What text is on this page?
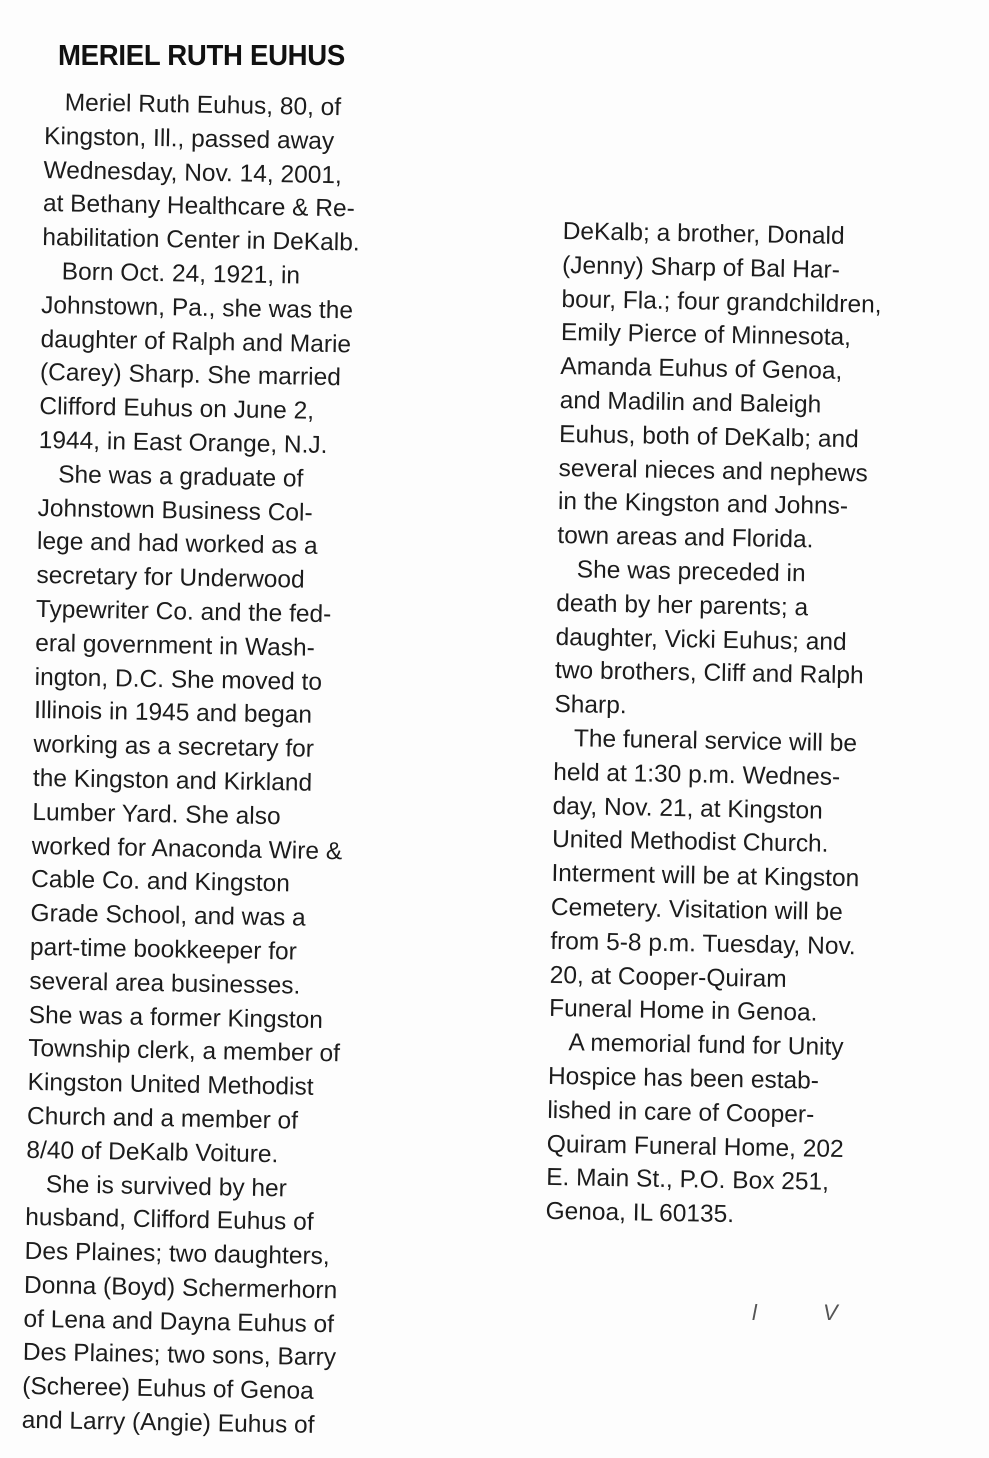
MERIEL RUTH EUHUS
Meriel Ruth Euhus, 80, of
Kingston, Ill., passed away
Wednesday, Nov. 14, 2001,
at Bethany Healthcare & Re-
habilitation Center in DeKalb.
Born Oct. 24, 1921, in
Johnstown, Pa., she was the
daughter of Ralph and Marie
(Carey) Sharp. She married
Clifford Euhus on June 2,
1944, in East Orange, N.J.
She was a graduate of
Johnstown Business Col-
lege and had worked as a
secretary for Underwood
Typewriter Co. and the fed-
eral government in Wash-
ington, D.C. She moved to
Illinois in 1945 and began
working as a secretary for
the Kingston and Kirkland
Lumber Yard. She also
worked for Anaconda Wire &
Cable Co. and Kingston
Grade School, and was a
part-time bookkeeper for
several area businesses.
She was a former Kingston
Township clerk, a member of
Kingston United Methodist
Church and a member of
8/40 of DeKalb Voiture.
She is survived by her
husband, Clifford Euhus of
Des Plaines; two daughters,
Donna (Boyd) Schermerhorn
of Lena and Dayna Euhus of
Des Plaines; two sons, Barry
(Scheree) Euhus of Genoa
and Larry (Angie) Euhus of
DeKalb; a brother, Donald
(Jenny) Sharp of Bal Har-
bour, Fla.; four grandchildren,
Emily Pierce of Minnesota,
Amanda Euhus of Genoa,
and Madilin and Baleigh
Euhus, both of DeKalb; and
several nieces and nephews
in the Kingston and Johns-
town areas and Florida.
She was preceded in
death by her parents; a
daughter, Vicki Euhus; and
two brothers, Cliff and Ralph
Sharp.
The funeral service will be
held at 1:30 p.m. Wednes-
day, Nov. 21, at Kingston
United Methodist Church.
Interment will be at Kingston
Cemetery. Visitation will be
from 5-8 p.m. Tuesday, Nov.
20, at Cooper-Quiram
Funeral Home in Genoa.
A memorial fund for Unity
Hospice has been estab-
lished in care of Cooper-
Quiram Funeral Home, 202
E. Main St., P.O. Box 251,
Genoa, IL 60135.
l	V
